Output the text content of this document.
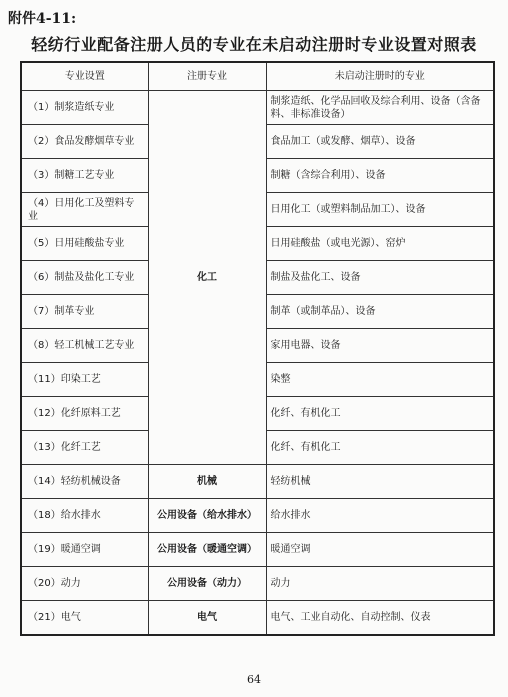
附件4-11:
轻纺行业配备注册人员的专业在未启动注册时专业设置对照表
专业设置	注册专业	未启动注册时的专业
（1）制浆造纸专业	化工	制浆造纸、化学品回收及综合利用、设备（含备料、非标准设备）
（2）食品发酵烟草专业		食品加工（或发酵、烟草）、设备
（3）制糖工艺专业		制糖（含综合利用）、设备
（4）日用化工及塑料专业		日用化工（或塑料制品加工）、设备
（5）日用硅酸盐专业		日用硅酸盐（或电光源）、窑炉
（6）制盐及盐化工专业		制盐及盐化工、设备
（7）制革专业		制革（或制革品）、设备
（8）轻工机械工艺专业		家用电器、设备
（11）印染工艺		染整
（12）化纤原料工艺		化纤、有机化工
（13）化纤工艺		化纤、有机化工
（14）轻纺机械设备	机械	轻纺机械
（18）给水排水	公用设备（给水排水）	给水排水
（19）暖通空调	公用设备（暖通空调）	暖通空调
（20）动力	公用设备（动力）	动力
（21）电气	电气	电气、工业自动化、自动控制、仪表
64
